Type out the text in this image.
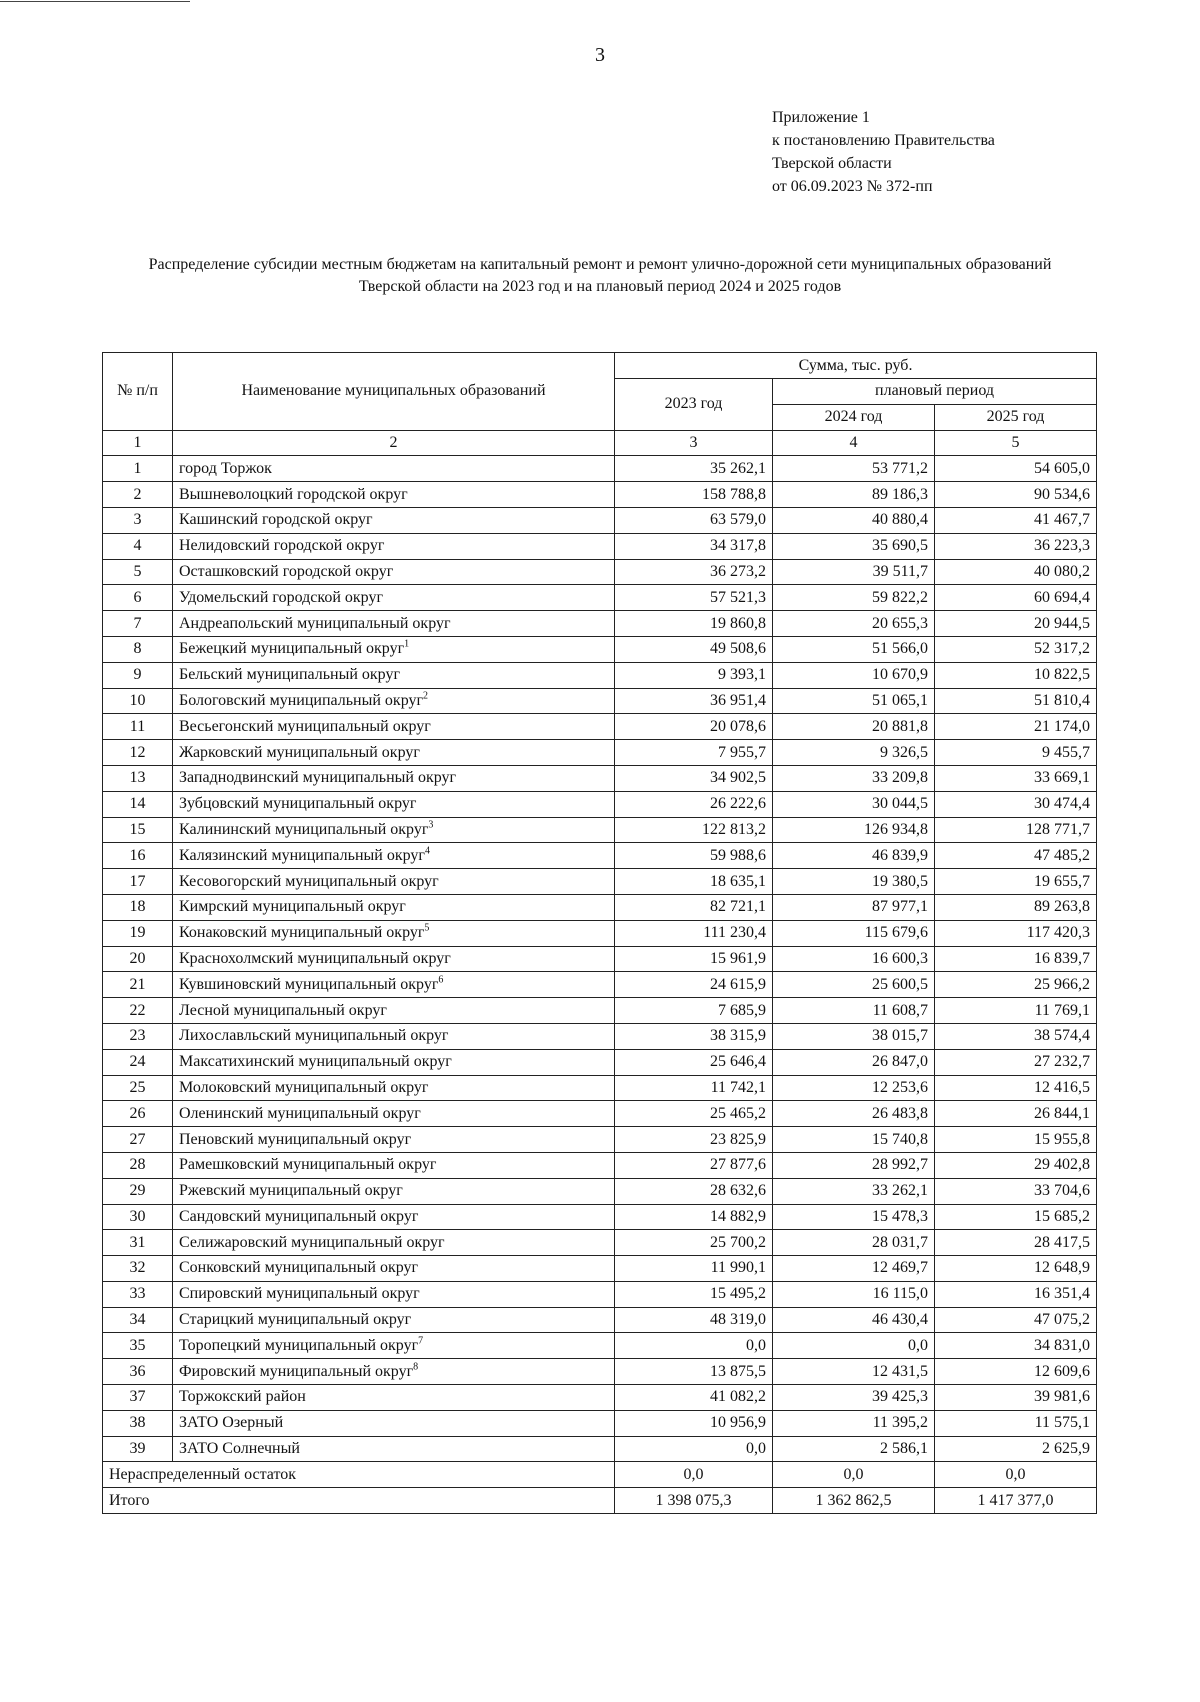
3
Приложение 1
к постановлению Правительства
Тверской области
от 06.09.2023 № 372-пп
Распределение субсидии местным бюджетам на капитальный ремонт и ремонт улично-дорожной сети муниципальных образований
Тверской области на 2023 год и на плановый период 2024 и 2025 годов
№ п/п	Наименование муниципальных образований	Сумма, тыс. руб.		
		2023 год	плановый период	
			2024 год	2025 год
1	2	3	4	5
1	город Торжок	35 262,1	53 771,2	54 605,0
2	Вышневолоцкий городской округ	158 788,8	89 186,3	90 534,6
3	Кашинский городской округ	63 579,0	40 880,4	41 467,7
4	Нелидовский городской округ	34 317,8	35 690,5	36 223,3
5	Осташковский городской округ	36 273,2	39 511,7	40 080,2
6	Удомельский городской округ	57 521,3	59 822,2	60 694,4
7	Андреапольский муниципальный округ	19 860,8	20 655,3	20 944,5
8	Бежецкий муниципальный округ$^1$	49 508,6	51 566,0	52 317,2
9	Бельский муниципальный округ	9 393,1	10 670,9	10 822,5
10	Бологовский муниципальный округ$^2$	36 951,4	51 065,1	51 810,4
11	Весьегонский муниципальный округ	20 078,6	20 881,8	21 174,0
12	Жарковский муниципальный округ	7 955,7	9 326,5	9 455,7
13	Западнодвинский муниципальный округ	34 902,5	33 209,8	33 669,1
14	Зубцовский муниципальный округ	26 222,6	30 044,5	30 474,4
15	Калининский муниципальный округ$^3$	122 813,2	126 934,8	128 771,7
16	Калязинский муниципальный округ$^4$	59 988,6	46 839,9	47 485,2
17	Кесовогорский муниципальный округ	18 635,1	19 380,5	19 655,7
18	Кимрский муниципальный округ	82 721,1	87 977,1	89 263,8
19	Конаковский муниципальный округ$^5$	111 230,4	115 679,6	117 420,3
20	Краснохолмский муниципальный округ	15 961,9	16 600,3	16 839,7
21	Кувшиновский муниципальный округ$^6$	24 615,9	25 600,5	25 966,2
22	Лесной муниципальный округ	7 685,9	11 608,7	11 769,1
23	Лихославльский муниципальный округ	38 315,9	38 015,7	38 574,4
24	Максатихинский муниципальный округ	25 646,4	26 847,0	27 232,7
25	Молоковский муниципальный округ	11 742,1	12 253,6	12 416,5
26	Оленинский муниципальный округ	25 465,2	26 483,8	26 844,1
27	Пеновский муниципальный округ	23 825,9	15 740,8	15 955,8
28	Рамешковский муниципальный округ	27 877,6	28 992,7	29 402,8
29	Ржевский муниципальный округ	28 632,6	33 262,1	33 704,6
30	Сандовский муниципальный округ	14 882,9	15 478,3	15 685,2
31	Селижаровский муниципальный округ	25 700,2	28 031,7	28 417,5
32	Сонковский муниципальный округ	11 990,1	12 469,7	12 648,9
33	Спировский муниципальный округ	15 495,2	16 115,0	16 351,4
34	Старицкий муниципальный округ	48 319,0	46 430,4	47 075,2
35	Торопецкий муниципальный округ$^7$	0,0	0,0	34 831,0
36	Фировский муниципальный округ$^8$	13 875,5	12 431,5	12 609,6
37	Торжокский район	41 082,2	39 425,3	39 981,6
38	ЗАТО Озерный	10 956,9	11 395,2	11 575,1
39	ЗАТО Солнечный	0,0	2 586,1	2 625,9
Нераспределенный остаток		0,0	0,0	0,0
Итого		1 398 075,3	1 362 862,5	1 417 377,0
